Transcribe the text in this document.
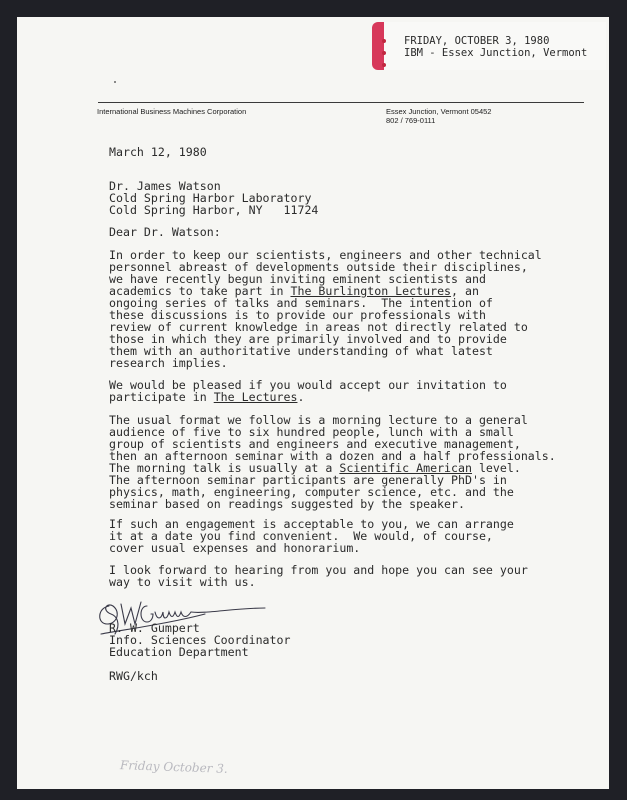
FRIDAY, OCTOBER 3, 1980
IBM - Essex Junction, Vermont
International Business Machines Corporation	Essex Junction, Vermont 05452
802 / 769-0111
March 12, 1980
Dr. James Watson
Cold Spring Harbor Laboratory
Cold Spring Harbor, NY   11724
Dear Dr. Watson:
In order to keep our scientists, engineers and other technical
personnel abreast of developments outside their disciplines,
we have recently begun inviting eminent scientists and
academics to take part in The Burlington Lectures, an
ongoing series of talks and seminars.  The intention of
these discussions is to provide our professionals with
review of current knowledge in areas not directly related to
those in which they are primarily involved and to provide
them with an authoritative understanding of what latest
research implies.
We would be pleased if you would accept our invitation to
participate in The Lectures.
The usual format we follow is a morning lecture to a general
audience of five to six hundred people, lunch with a small
group of scientists and engineers and executive management,
then an afternoon seminar with a dozen and a half professionals.
The morning talk is usually at a Scientific American level.
The afternoon seminar participants are generally PhD's in
physics, math, engineering, computer science, etc. and the
seminar based on readings suggested by the speaker.
If such an engagement is acceptable to you, we can arrange
it at a date you find convenient.  We would, of course,
cover usual expenses and honorarium.
I look forward to hearing from you and hope you can see your
way to visit with us.
R. W. Gumpert
Info. Sciences Coordinator
Education Department
RWG/kch
Friday October 3.
